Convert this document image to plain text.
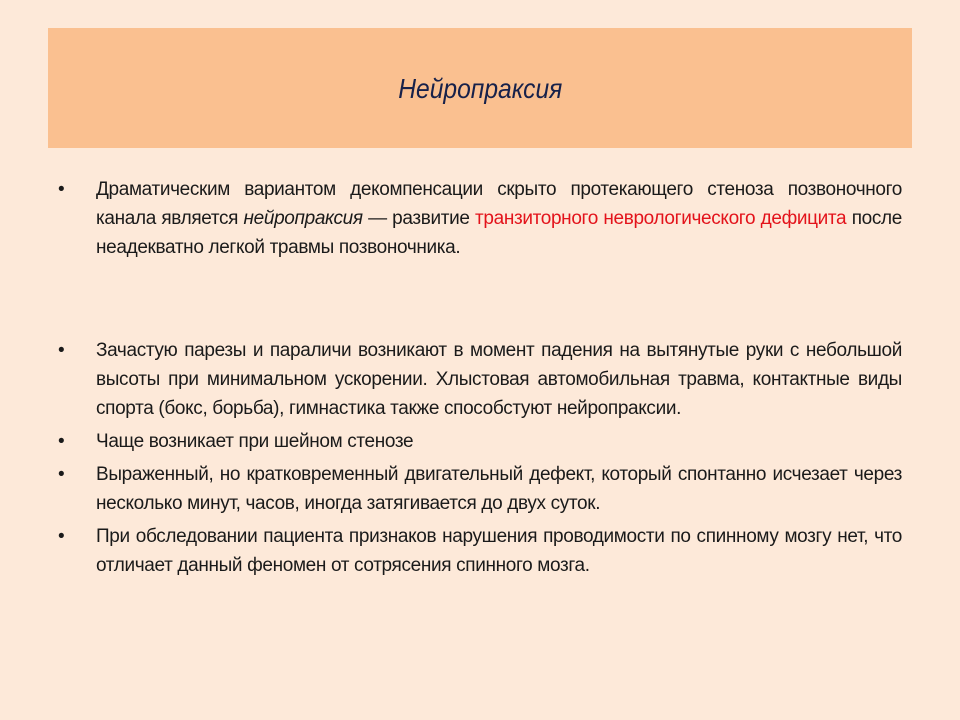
Нейропраксия
• Драматическим вариантом декомпенсации скрыто протекающего стеноза позвоночного канала является нейропраксия — развитие транзиторного неврологического дефицита после неадекватно легкой травмы позвоночника.
• Зачастую парезы и параличи возникают в момент падения на вытянутые руки с небольшой высоты при минимальном ускорении. Хлыстовая автомобильная травма, контактные виды спорта (бокс, борьба), гимнастика также способстуют нейропраксии.
• Чаще возникает при шейном стенозе
• Выраженный, но кратковременный двигательный дефект, который спонтанно исчезает через несколько минут, часов, иногда затягивается до двух суток.
• При обследовании пациента признаков нарушения проводимости по спинному мозгу нет, что отличает данный феномен от сотрясения спинного мозга.
